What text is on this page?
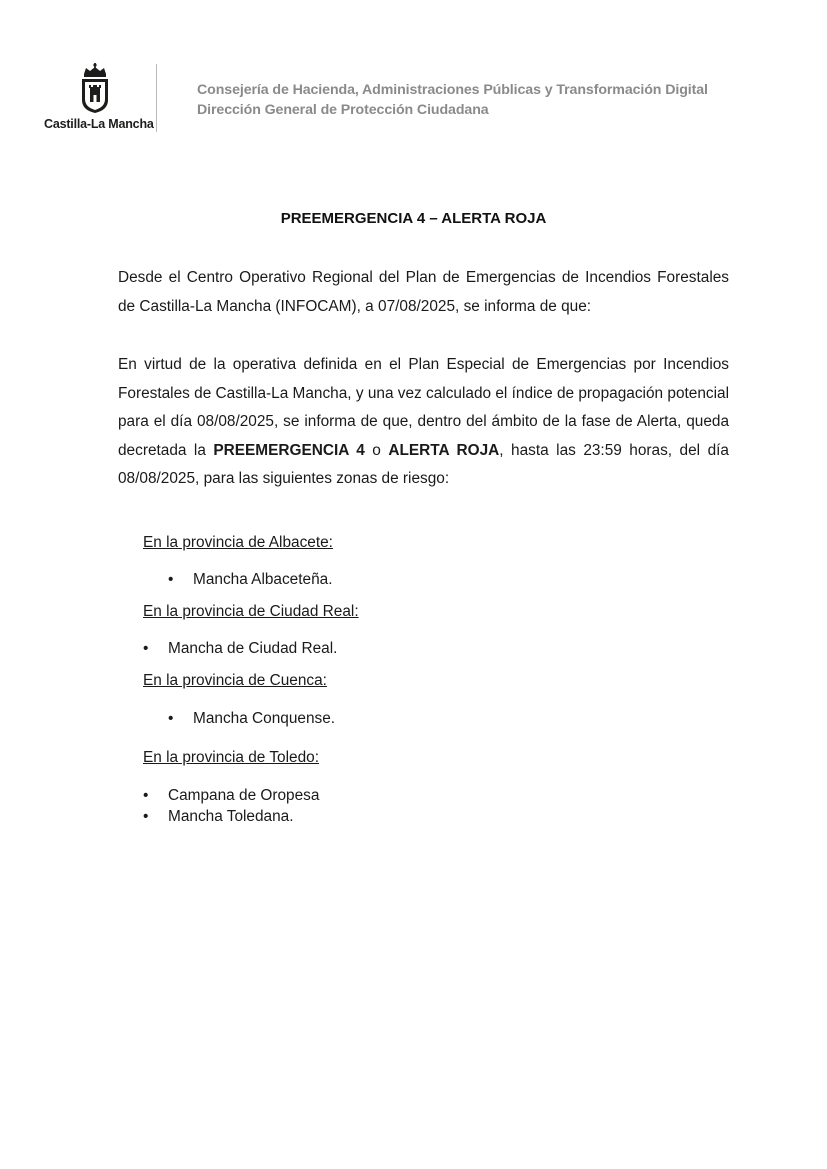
Castilla-La Mancha
Consejería de Hacienda, Administraciones Públicas y Transformación Digital
Dirección General de Protección Ciudadana
PREEMERGENCIA 4 – ALERTA ROJA

Desde el Centro Operativo Regional del Plan de Emergencias de Incendios Forestales de Castilla-La Mancha (INFOCAM), a 07/08/2025, se informa de que:

En virtud de la operativa definida en el Plan Especial de Emergencias por Incendios Forestales de Castilla-La Mancha, y una vez calculado el índice de propagación potencial para el día 08/08/2025, se informa de que, dentro del ámbito de la fase de Alerta, queda decretada la PREEMERGENCIA 4 o ALERTA ROJA, hasta las 23:59 horas, del día 08/08/2025, para las siguientes zonas de riesgo:

En la provincia de Albacete:
• Mancha Albaceteña.
En la provincia de Ciudad Real:
• Mancha de Ciudad Real.
En la provincia de Cuenca:
• Mancha Conquense.
En la provincia de Toledo:
• Campana de Oropesa
• Mancha Toledana.
